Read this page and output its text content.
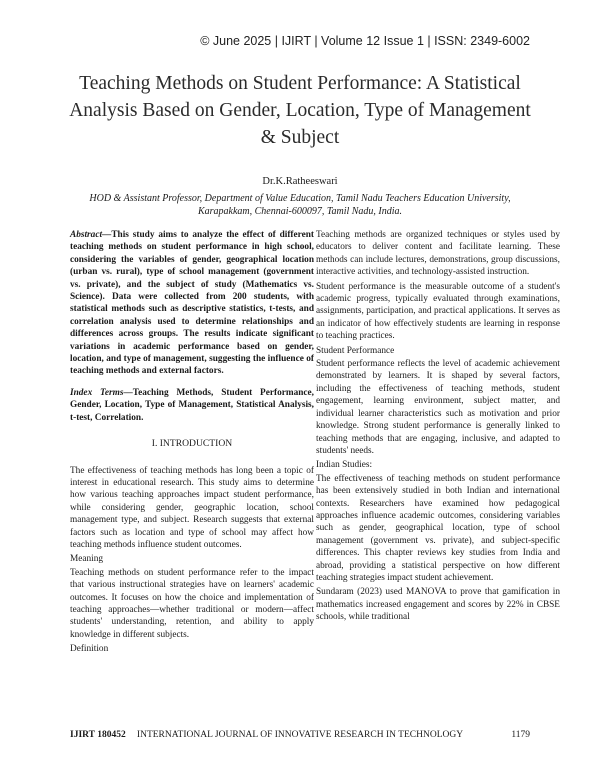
© June 2025 | IJIRT | Volume 12 Issue 1 | ISSN: 2349-6002
Teaching Methods on Student Performance: A Statistical Analysis Based on Gender, Location, Type of Management & Subject
Dr.K.Ratheeswari
HOD & Assistant Professor, Department of Value Education, Tamil Nadu Teachers Education University, Karapakkam, Chennai-600097, Tamil Nadu, India.

Abstract—This study aims to analyze the effect of different teaching methods on student performance in high school, considering the variables of gender, geographical location (urban vs. rural), type of school management (government vs. private), and the subject of study (Mathematics vs. Science). Data were collected from 200 students, with statistical methods such as descriptive statistics, t-tests, and correlation analysis used to determine relationships and differences across groups. The results indicate significant variations in academic performance based on gender, location, and type of management, suggesting the influence of teaching methods and external factors.

Index Terms—Teaching Methods, Student Performance, Gender, Location, Type of Management, Statistical Analysis, t-test, Correlation.

I. INTRODUCTION

The effectiveness of teaching methods has long been a topic of interest in educational research. This study aims to determine how various teaching approaches impact student performance, while considering gender, geographic location, school management type, and subject. Research suggests that external factors such as location and type of school may affect how teaching methods influence student outcomes.

Meaning

Teaching methods on student performance refer to the impact that various instructional strategies have on learners' academic outcomes. It focuses on how the choice and implementation of teaching approaches—whether traditional or modern—affect students' understanding, retention, and ability to apply knowledge in different subjects.

Definition

Teaching methods are organized techniques or styles used by educators to deliver content and facilitate learning. These methods can include lectures, demonstrations, group discussions, interactive activities, and technology-assisted instruction.

Student performance is the measurable outcome of a student's academic progress, typically evaluated through examinations, assignments, participation, and practical applications. It serves as an indicator of how effectively students are learning in response to teaching practices.

Student Performance

Student performance reflects the level of academic achievement demonstrated by learners. It is shaped by several factors, including the effectiveness of teaching methods, student engagement, learning environment, subject matter, and individual learner characteristics such as motivation and prior knowledge. Strong student performance is generally linked to teaching methods that are engaging, inclusive, and adapted to students' needs.

Indian Studies:

The effectiveness of teaching methods on student performance has been extensively studied in both Indian and international contexts. Researchers have examined how pedagogical approaches influence academic outcomes, considering variables such as gender, geographical location, type of school management (government vs. private), and subject-specific differences. This chapter reviews key studies from India and abroad, providing a statistical perspective on how different teaching strategies impact student achievement.

Sundaram (2023) used MANOVA to prove that gamification in mathematics increased engagement and scores by 22% in CBSE schools, while traditional

IJIRT 180452	INTERNATIONAL JOURNAL OF INNOVATIVE RESEARCH IN TECHNOLOGY	1179
